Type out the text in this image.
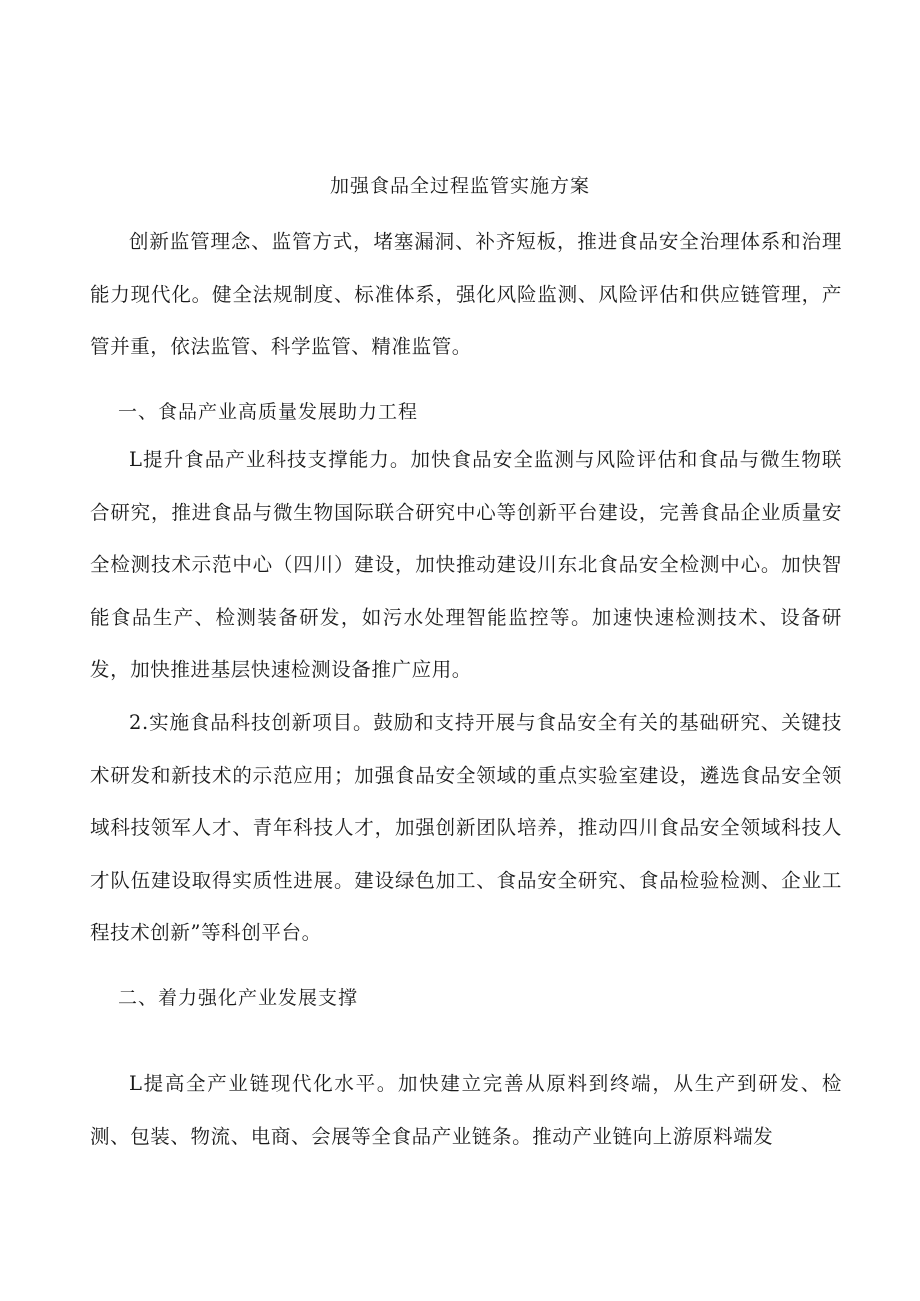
加强食品全过程监管实施方案

创新监管理念、监管方式，堵塞漏洞、补齐短板，推进食品安全治理体系和治理能力现代化。健全法规制度、标准体系，强化风险监测、风险评估和供应链管理，产管并重，依法监管、科学监管、精准监管。

一、食品产业高质量发展助力工程

L提升食品产业科技支撑能力。加快食品安全监测与风险评估和食品与微生物联合研究，推进食品与微生物国际联合研究中心等创新平台建设，完善食品企业质量安全检测技术示范中心（四川）建设，加快推动建设川东北食品安全检测中心。加快智能食品生产、检测装备研发，如污水处理智能监控等。加速快速检测技术、设备研发，加快推进基层快速检测设备推广应用。

2.实施食品科技创新项目。鼓励和支持开展与食品安全有关的基础研究、关键技术研发和新技术的示范应用；加强食品安全领域的重点实验室建设，遴选食品安全领域科技领军人才、青年科技人才，加强创新团队培养，推动四川食品安全领域科技人才队伍建设取得实质性进展。建设绿色加工、食品安全研究、食品检验检测、企业工程技术创新”等科创平台。

二、着力强化产业发展支撑

L提高全产业链现代化水平。加快建立完善从原料到终端，从生产到研发、检测、包装、物流、电商、会展等全食品产业链条。推动产业链向上游原料端发
